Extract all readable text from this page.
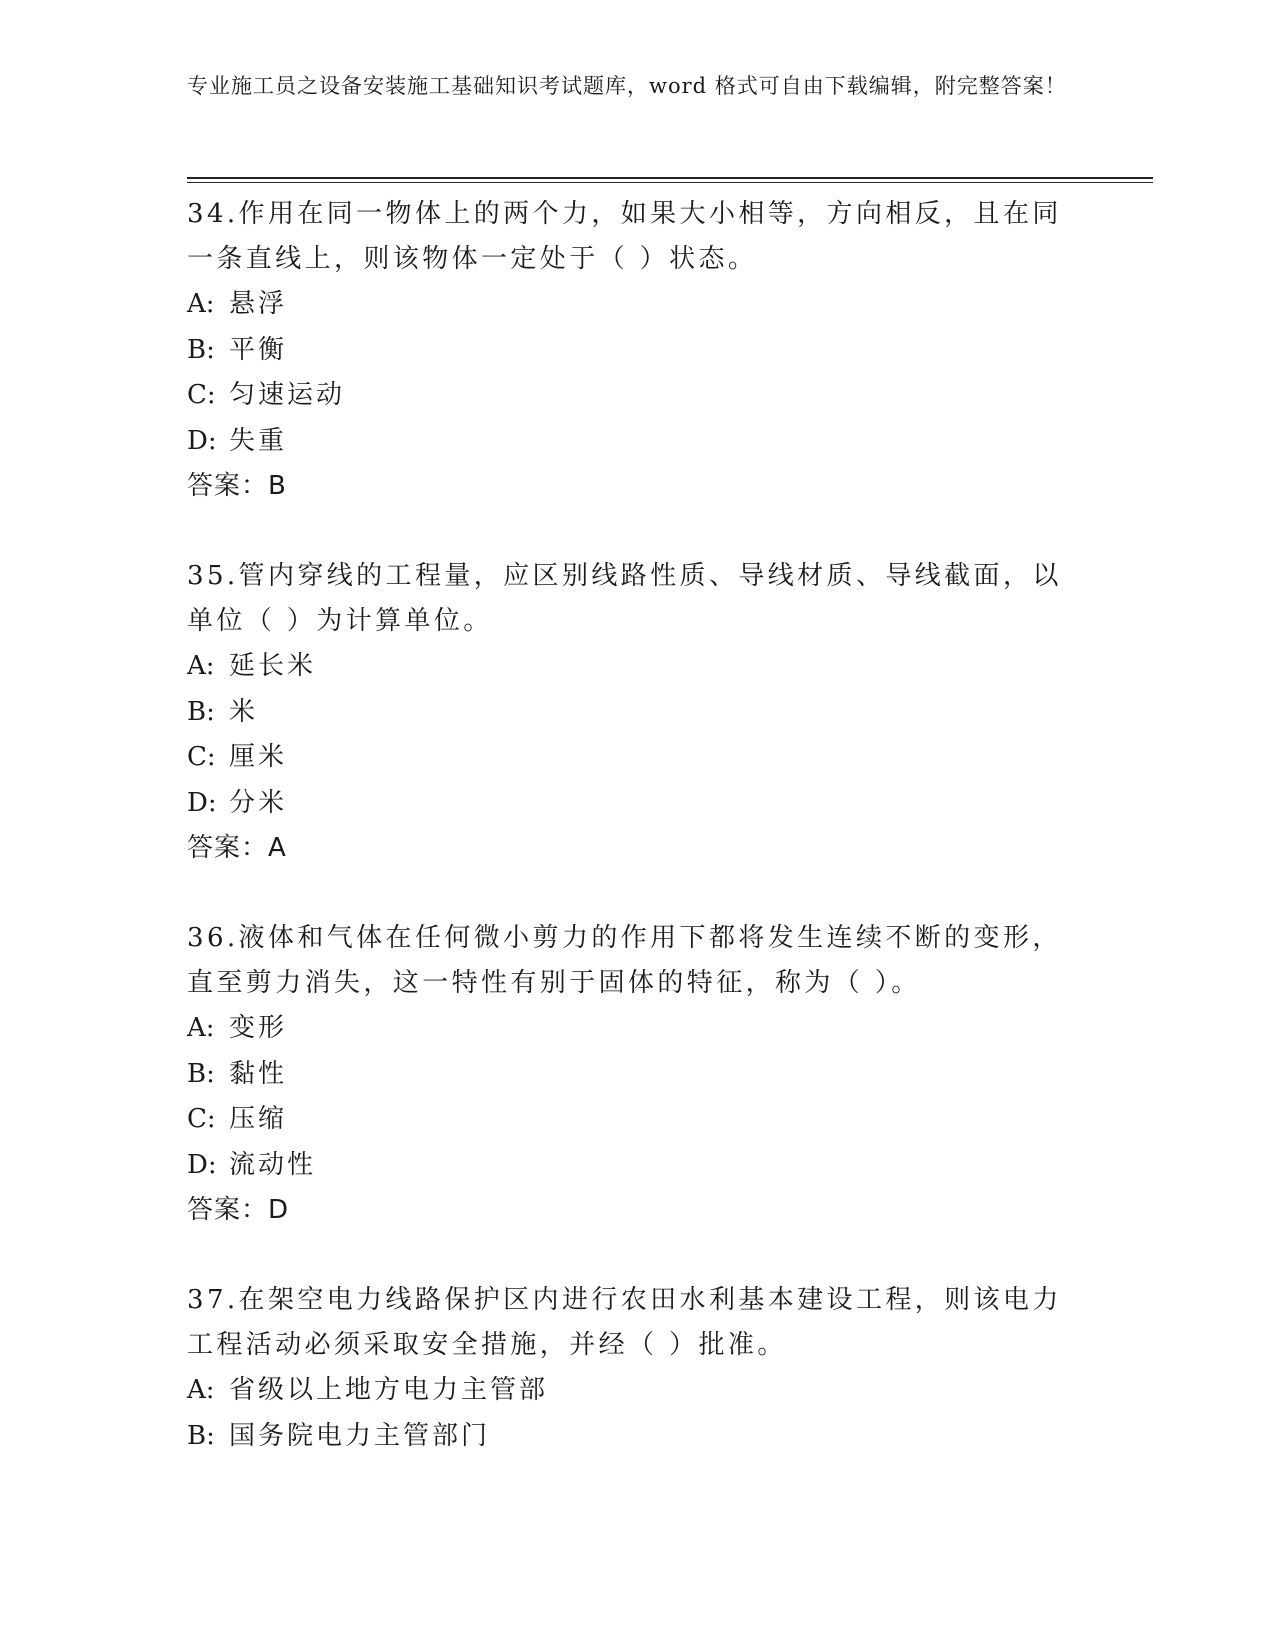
专业施工员之设备安装施工基础知识考试题库，word 格式可自由下载编辑，附完整答案！
34.作用在同一物体上的两个力，如果大小相等，方向相反，且在同一条直线上，则该物体一定处于（ ）状态。
A: 悬浮
B: 平衡
C: 匀速运动
D: 失重
答案：B
35.管内穿线的工程量，应区别线路性质、导线材质、导线截面，以单位（ ）为计算单位。
A: 延长米
B: 米
C: 厘米
D: 分米
答案：A
36.液体和气体在任何微小剪力的作用下都将发生连续不断的变形，直至剪力消失，这一特性有别于固体的特征，称为（ ）。
A: 变形
B: 黏性
C: 压缩
D: 流动性
答案：D
37.在架空电力线路保护区内进行农田水利基本建设工程，则该电力工程活动必须采取安全措施，并经（ ）批准。
A: 省级以上地方电力主管部
B: 国务院电力主管部门
